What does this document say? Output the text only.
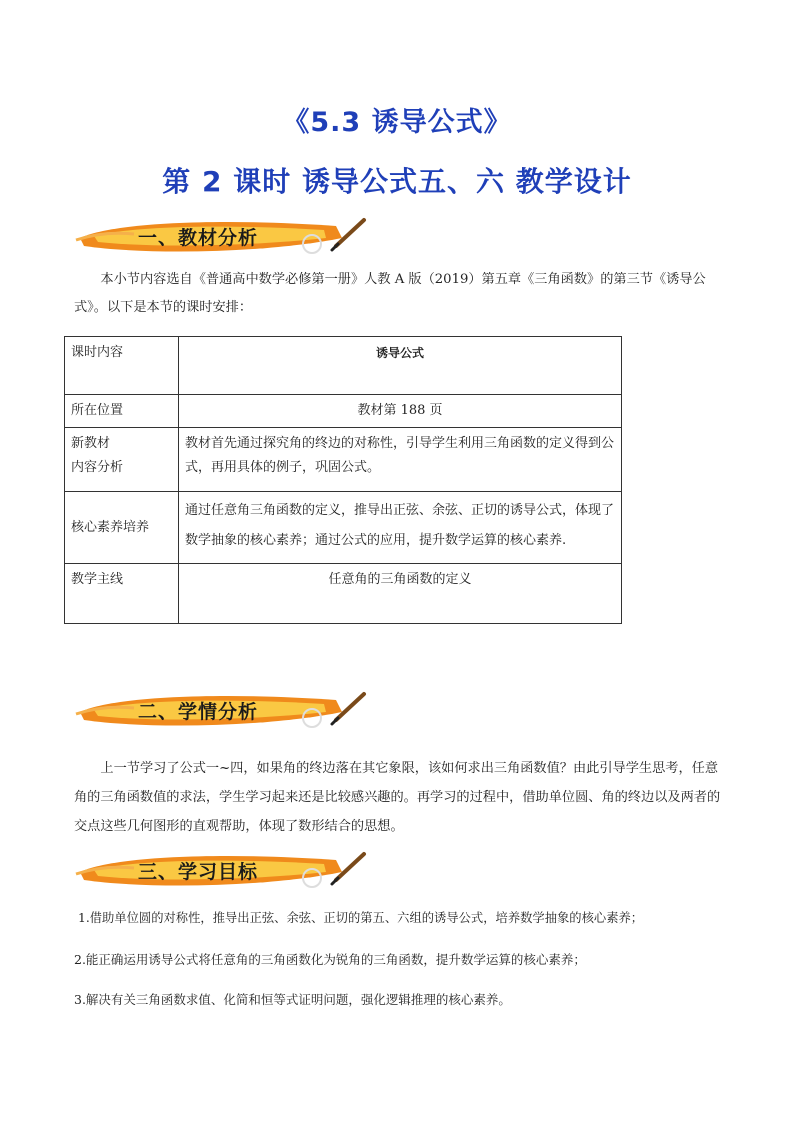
《5.3 诱导公式》
第 2 课时 诱导公式五、六 教学设计
一、教材分析

本小节内容选自《普通高中数学必修第一册》人教 A 版（2019）第五章《三角函数》的第三节《诱导公式》。以下是本节的课时安排：

课时内容	诱导公式
所在位置	教材第 188 页
新教材
内容分析	教材首先通过探究角的终边的对称性，引导学生利用三角函数的定义得到公式，再用具体的例子，巩固公式。
核心素养培养	通过任意角三角函数的定义，推导出正弦、余弦、正切的诱导公式，体现了数学抽象的核心素养；通过公式的应用，提升数学运算的核心素养.
教学主线	任意角的三角函数的定义
二、学情分析

上一节学习了公式一~四，如果角的终边落在其它象限，该如何求出三角函数值？由此引导学生思考，任意角的三角函数值的求法，学生学习起来还是比较感兴趣的。再学习的过程中，借助单位圆、角的终边以及两者的交点这些几何图形的直观帮助，体现了数形结合的思想。

三、学习目标

1.借助单位圆的对称性，推导出正弦、余弦、正切的第五、六组的诱导公式，培养数学抽象的核心素养；

2.能正确运用诱导公式将任意角的三角函数化为锐角的三角函数，提升数学运算的核心素养；

3.解决有关三角函数求值、化简和恒等式证明问题，强化逻辑推理的核心素养。
